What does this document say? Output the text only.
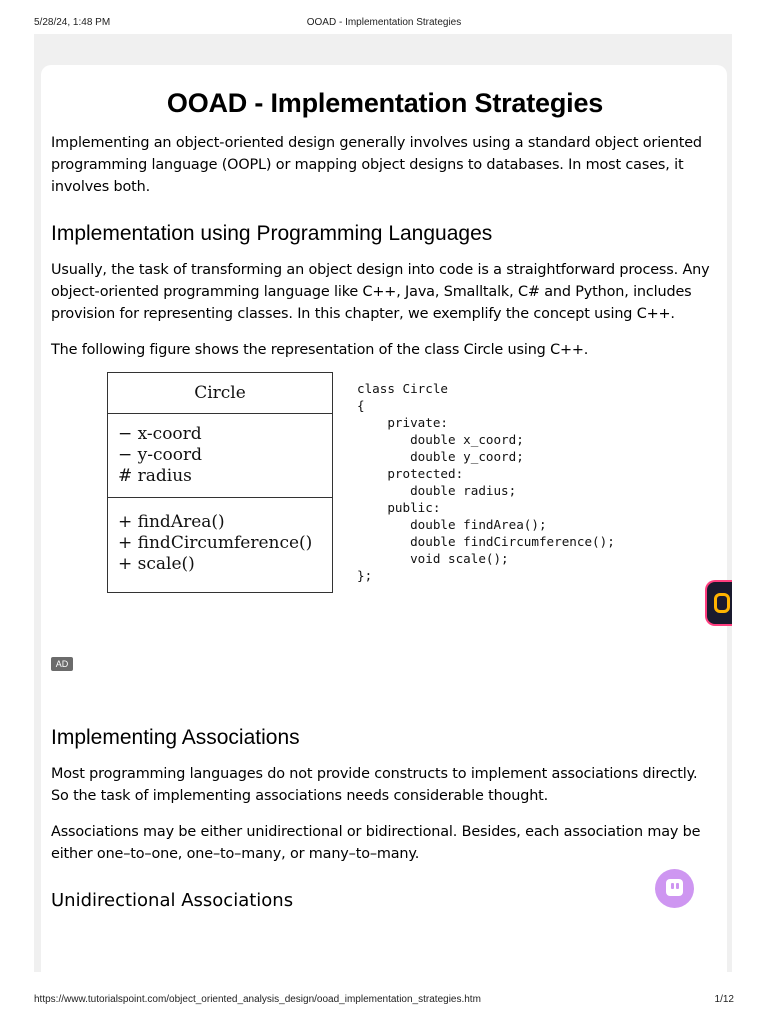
5/28/24, 1:48 PM	OOAD - Implementation Strategies
OOAD - Implementation Strategies

Implementing an object-oriented design generally involves using a standard object oriented programming language (OOPL) or mapping object designs to databases. In most cases, it involves both.

Implementation using Programming Languages

Usually, the task of transforming an object design into code is a straightforward process. Any object-oriented programming language like C++, Java, Smalltalk, C# and Python, includes provision for representing classes. In this chapter, we exemplify the concept using C++.

The following figure shows the representation of the class Circle using C++.

Circle
− x-coord
− y-coord
# radius
+ findArea()
+ findCircumference()
+ scale()
class Circle
{
private:
double x_coord;
double y_coord;
protected:
double radius;
public:
double findArea();
double findCircumference();
void scale();
};
Implementing Associations

Most programming languages do not provide constructs to implement associations directly. So the task of implementing associations needs considerable thought.

Associations may be either unidirectional or bidirectional. Besides, each association may be either one–to–one, one–to–many, or many–to–many.

Unidirectional Associations
AD
https://www.tutorialspoint.com/object_oriented_analysis_design/ooad_implementation_strategies.htm	1/12
